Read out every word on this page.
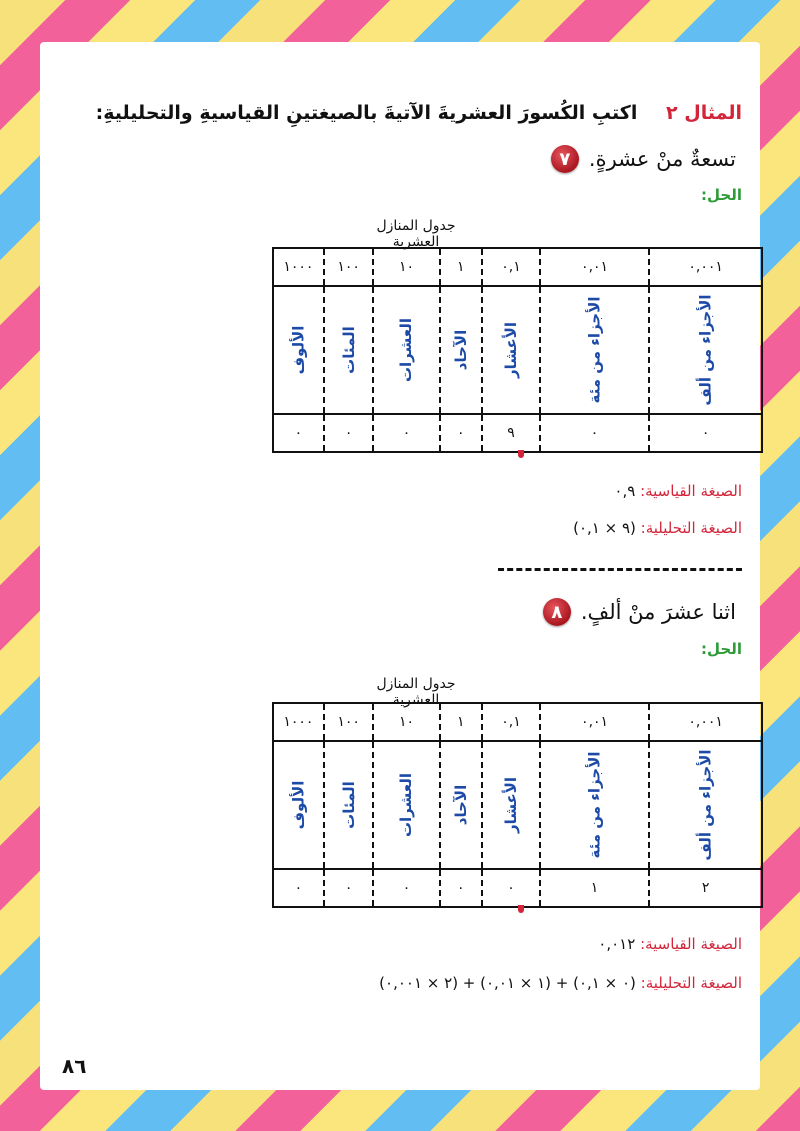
المثال ٢ اكتبِ الكُسورَ العشريةَ الآتيةَ بالصيغتينِ القياسيةِ والتحليليةِ:
٧ تسعةٌ منْ عشرةٍ.
الحل:
جدول المنازل العشرية
٠,٠٠١	٠,٠١	٠,١	١	١٠	١٠٠	١٠٠٠
الأجزاء من ألف	الأجزاء من مئة	الأعشار	الآحاد	العشرات	المئات	الألوف
٠	٠	٩	٠	٠	٠	٠
الصيغة القياسية: ٠,٩
الصيغة التحليلية: (٩ × ٠,١)
٨ اثنا عشرَ منْ ألفٍ.
الحل:
جدول المنازل العشرية
٠,٠٠١	٠,٠١	٠,١	١	١٠	١٠٠	١٠٠٠
الأجزاء من ألف	الأجزاء من مئة	الأعشار	الآحاد	العشرات	المئات	الألوف
٢	١	٠	٠	٠	٠	٠
الصيغة القياسية: ٠,٠١٢
الصيغة التحليلية: (٠ × ٠,١) + (١ × ٠,٠١) + (٢ × ٠,٠٠١)
٨٦
